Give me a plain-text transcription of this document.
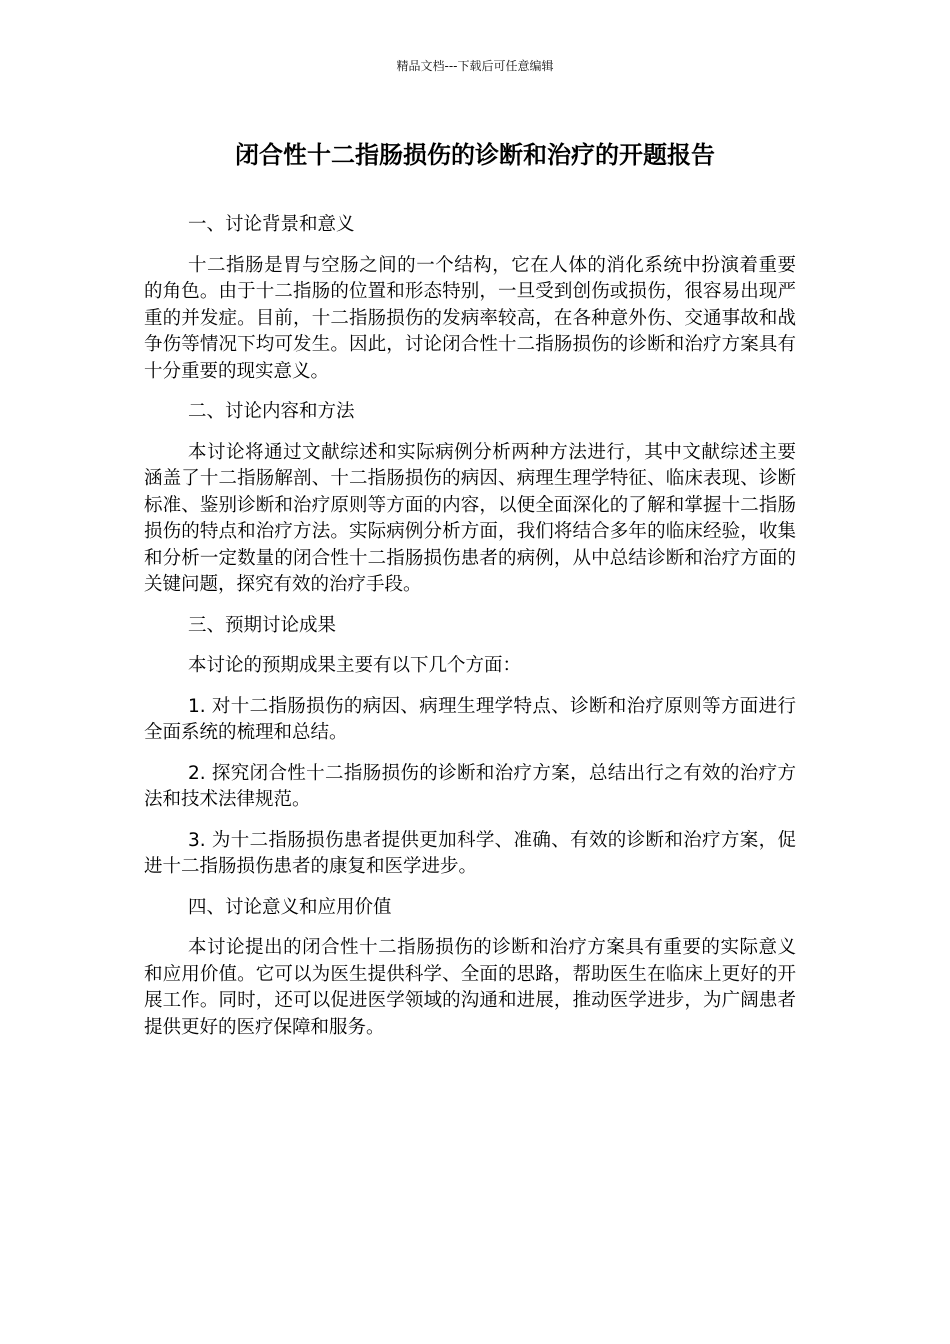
精品文档---下载后可任意编辑
闭合性十二指肠损伤的诊断和治疗的开题报告

一、讨论背景和意义

十二指肠是胃与空肠之间的一个结构，它在人体的消化系统中扮演着重要的角色。由于十二指肠的位置和形态特别，一旦受到创伤或损伤，很容易出现严重的并发症。目前，十二指肠损伤的发病率较高，在各种意外伤、交通事故和战争伤等情况下均可发生。因此，讨论闭合性十二指肠损伤的诊断和治疗方案具有十分重要的现实意义。

二、讨论内容和方法

本讨论将通过文献综述和实际病例分析两种方法进行，其中文献综述主要涵盖了十二指肠解剖、十二指肠损伤的病因、病理生理学特征、临床表现、诊断标准、鉴别诊断和治疗原则等方面的内容，以便全面深化的了解和掌握十二指肠损伤的特点和治疗方法。实际病例分析方面，我们将结合多年的临床经验，收集和分析一定数量的闭合性十二指肠损伤患者的病例，从中总结诊断和治疗方面的关键问题，探究有效的治疗手段。

三、预期讨论成果

本讨论的预期成果主要有以下几个方面：

1. 对十二指肠损伤的病因、病理生理学特点、诊断和治疗原则等方面进行全面系统的梳理和总结。

2. 探究闭合性十二指肠损伤的诊断和治疗方案，总结出行之有效的治疗方法和技术法律规范。

3. 为十二指肠损伤患者提供更加科学、准确、有效的诊断和治疗方案，促进十二指肠损伤患者的康复和医学进步。

四、讨论意义和应用价值

本讨论提出的闭合性十二指肠损伤的诊断和治疗方案具有重要的实际意义和应用价值。它可以为医生提供科学、全面的思路，帮助医生在临床上更好的开展工作。同时，还可以促进医学领域的沟通和进展，推动医学进步，为广阔患者提供更好的医疗保障和服务。
